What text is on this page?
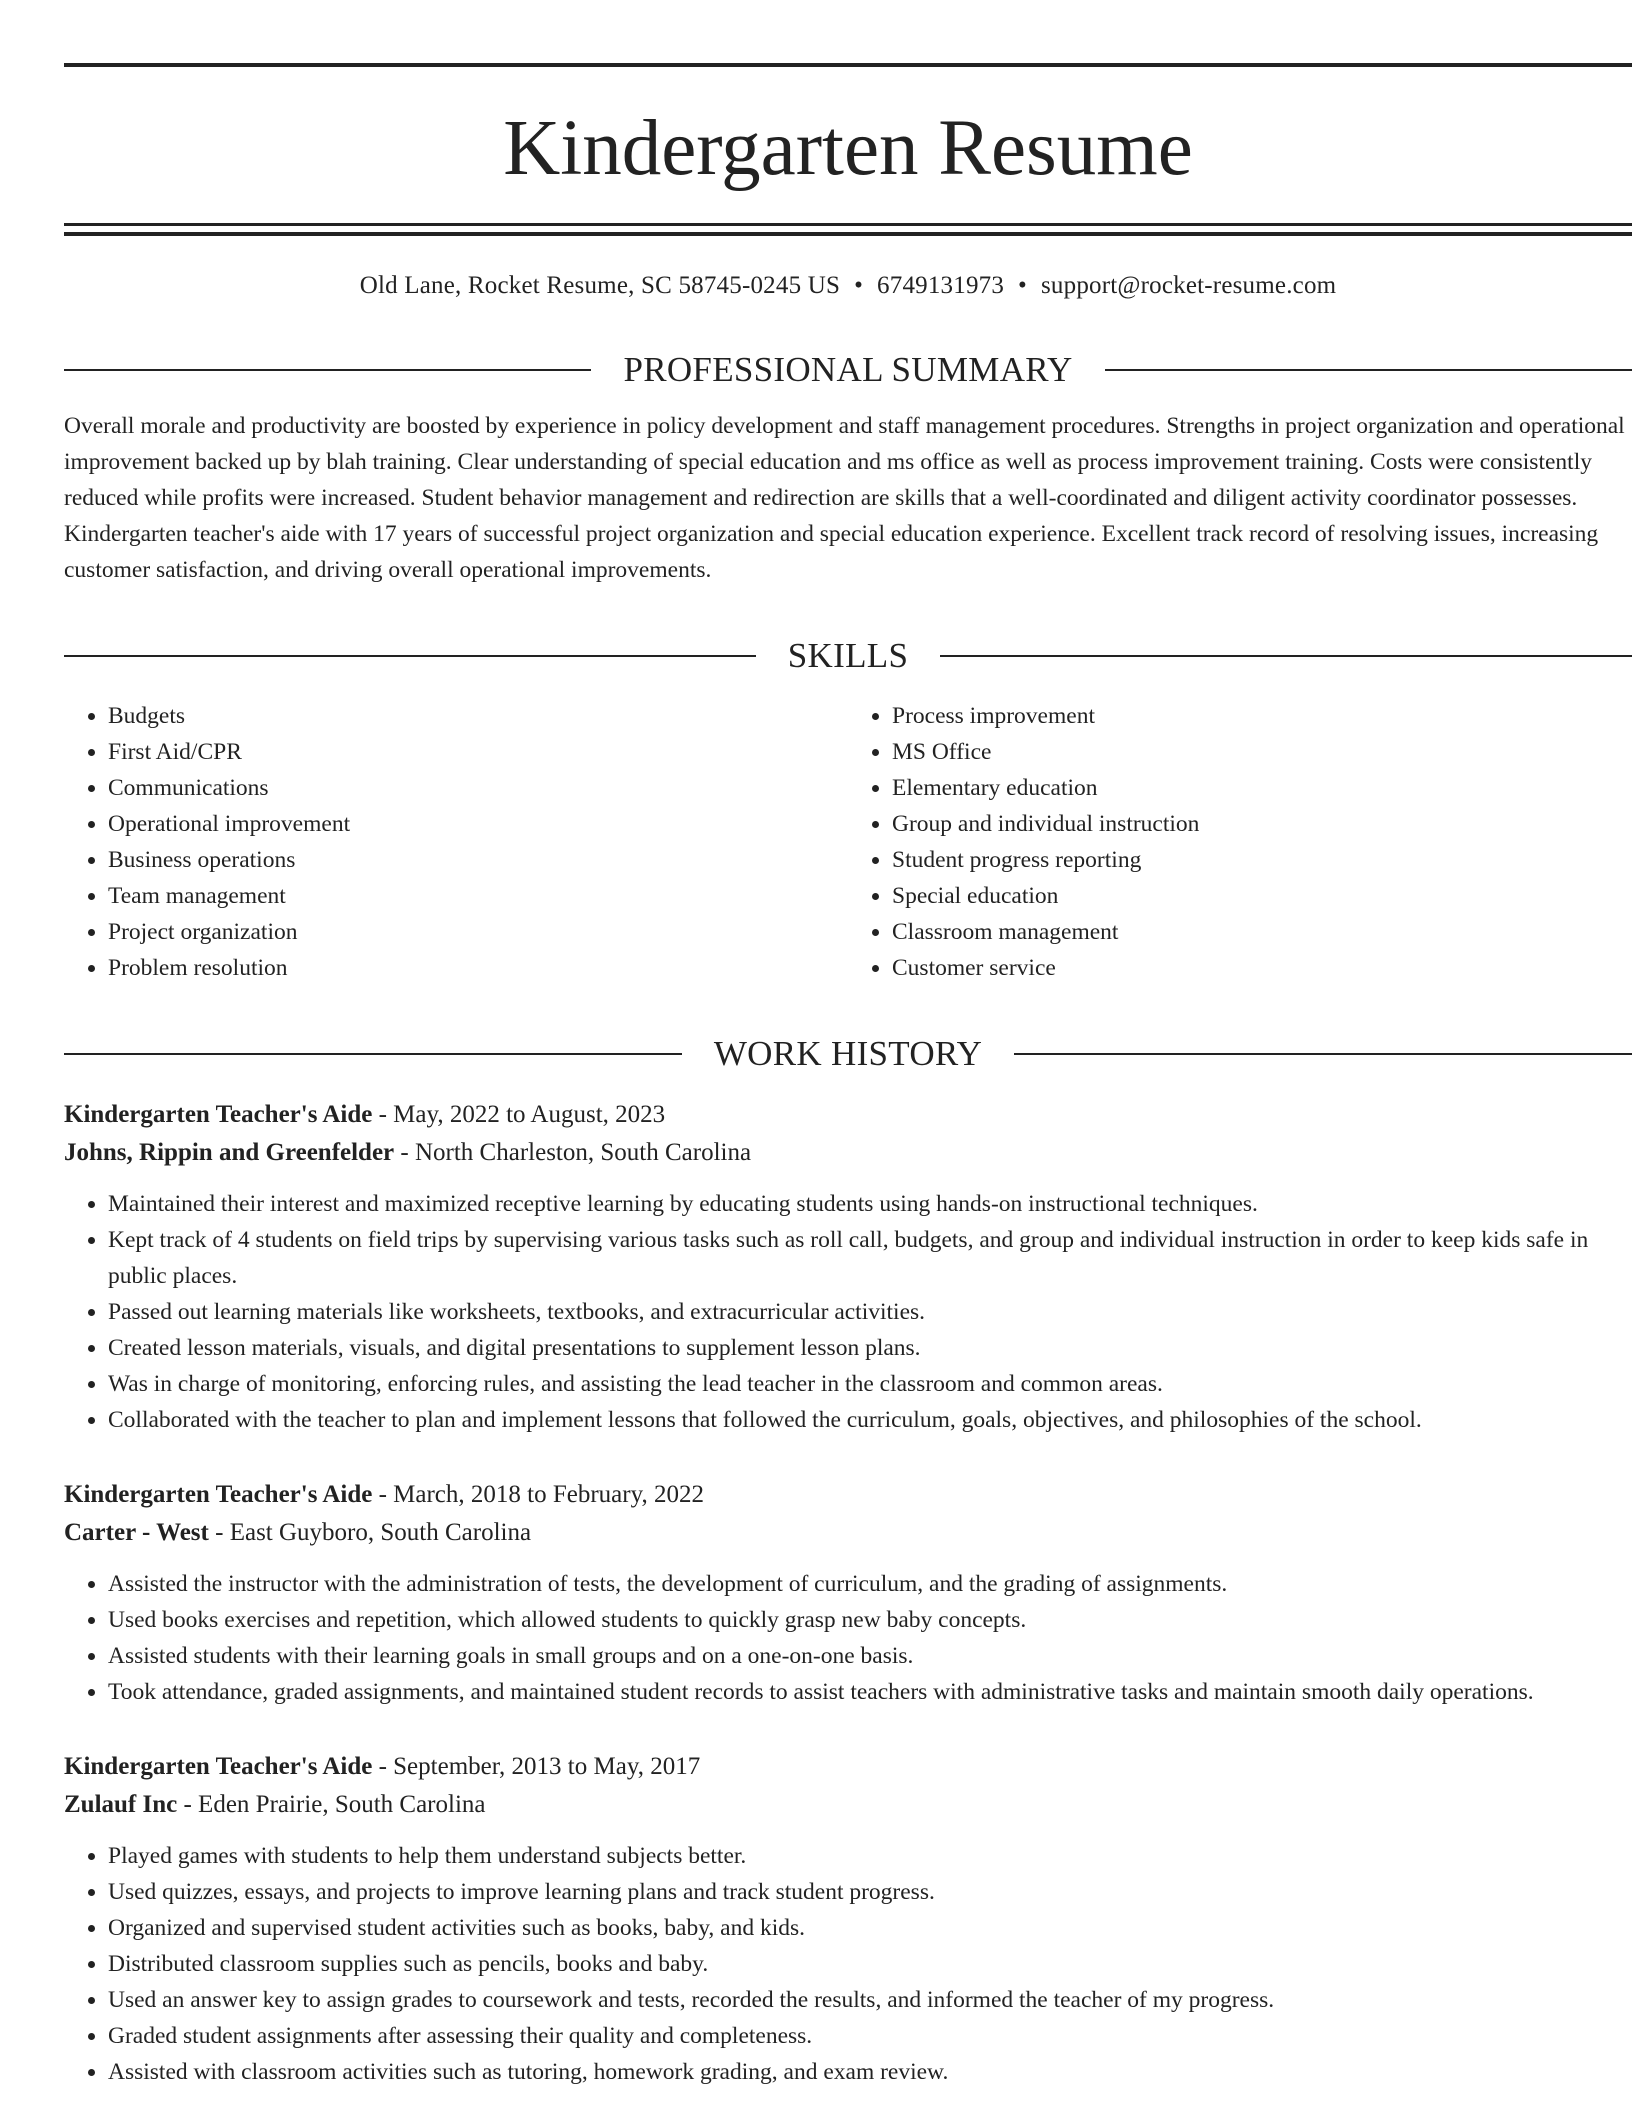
Kindergarten Resume
Old Lane, Rocket Resume, SC 58745-0245 US • 6749131973 • support@rocket-resume.com
PROFESSIONAL SUMMARY
Overall morale and productivity are boosted by experience in policy development and staff management procedures. Strengths in project organization and operational improvement backed up by blah training. Clear understanding of special education and ms office as well as process improvement training. Costs were consistently reduced while profits were increased. Student behavior management and redirection are skills that a well-coordinated and diligent activity coordinator possesses. Kindergarten teacher's aide with 17 years of successful project organization and special education experience. Excellent track record of resolving issues, increasing customer satisfaction, and driving overall operational improvements.
SKILLS
• Budgets
• First Aid/CPR
• Communications
• Operational improvement
• Business operations
• Team management
• Project organization
• Problem resolution
• Process improvement
• MS Office
• Elementary education
• Group and individual instruction
• Student progress reporting
• Special education
• Classroom management
• Customer service
WORK HISTORY
Kindergarten Teacher's Aide - May, 2022 to August, 2023
Johns, Rippin and Greenfelder - North Charleston, South Carolina
• Maintained their interest and maximized receptive learning by educating students using hands-on instructional techniques.
• Kept track of 4 students on field trips by supervising various tasks such as roll call, budgets, and group and individual instruction in order to keep kids safe in public places.
• Passed out learning materials like worksheets, textbooks, and extracurricular activities.
• Created lesson materials, visuals, and digital presentations to supplement lesson plans.
• Was in charge of monitoring, enforcing rules, and assisting the lead teacher in the classroom and common areas.
• Collaborated with the teacher to plan and implement lessons that followed the curriculum, goals, objectives, and philosophies of the school.
Kindergarten Teacher's Aide - March, 2018 to February, 2022
Carter - West - East Guyboro, South Carolina
• Assisted the instructor with the administration of tests, the development of curriculum, and the grading of assignments.
• Used books exercises and repetition, which allowed students to quickly grasp new baby concepts.
• Assisted students with their learning goals in small groups and on a one-on-one basis.
• Took attendance, graded assignments, and maintained student records to assist teachers with administrative tasks and maintain smooth daily operations.
Kindergarten Teacher's Aide - September, 2013 to May, 2017
Zulauf Inc - Eden Prairie, South Carolina
• Played games with students to help them understand subjects better.
• Used quizzes, essays, and projects to improve learning plans and track student progress.
• Organized and supervised student activities such as books, baby, and kids.
• Distributed classroom supplies such as pencils, books and baby.
• Used an answer key to assign grades to coursework and tests, recorded the results, and informed the teacher of my progress.
• Graded student assignments after assessing their quality and completeness.
• Assisted with classroom activities such as tutoring, homework grading, and exam review.
